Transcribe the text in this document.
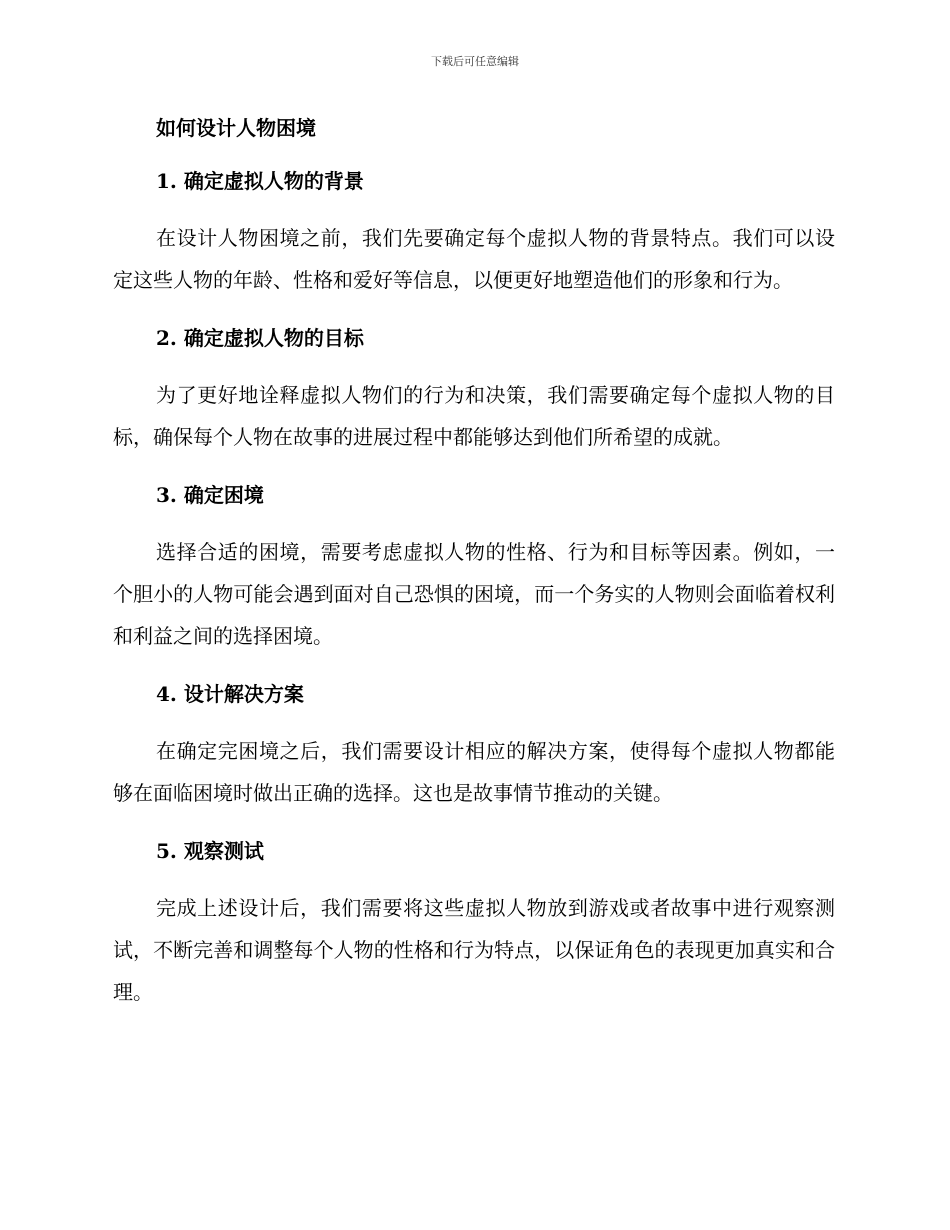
下载后可任意编辑
如何设计人物困境
1. 确定虚拟人物的背景

在设计人物困境之前，我们先要确定每个虚拟人物的背景特点。我们可以设定这些人物的年龄、性格和爱好等信息，以便更好地塑造他们的形象和行为。

2. 确定虚拟人物的目标

为了更好地诠释虚拟人物们的行为和决策，我们需要确定每个虚拟人物的目标，确保每个人物在故事的进展过程中都能够达到他们所希望的成就。

3. 确定困境

选择合适的困境，需要考虑虚拟人物的性格、行为和目标等因素。例如，一个胆小的人物可能会遇到面对自己恐惧的困境，而一个务实的人物则会面临着权利和利益之间的选择困境。

4. 设计解决方案

在确定完困境之后，我们需要设计相应的解决方案，使得每个虚拟人物都能够在面临困境时做出正确的选择。这也是故事情节推动的关键。

5. 观察测试

完成上述设计后，我们需要将这些虚拟人物放到游戏或者故事中进行观察测试，不断完善和调整每个人物的性格和行为特点，以保证角色的表现更加真实和合理。
